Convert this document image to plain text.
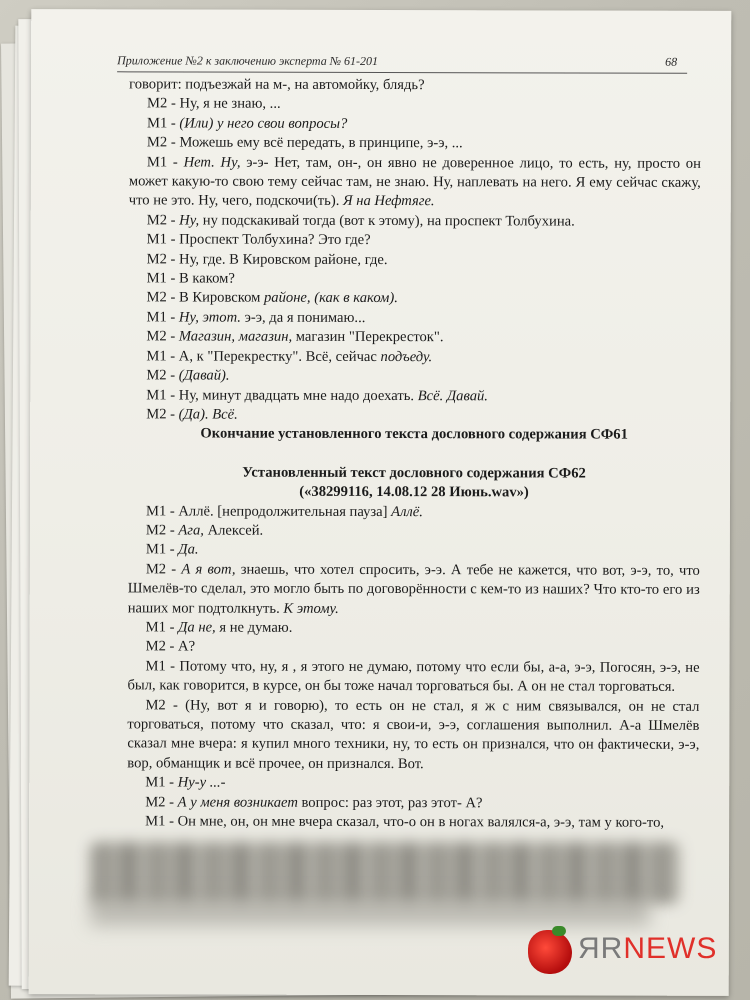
Приложение №2 к заключению эксперта № 61-201	68

говорит: подъезжай на м-, на автомойку, блядь?

М2 - Ну, я не знаю, ...

М1 - (Или) у него свои вопросы?

М2 - Можешь ему всё передать, в принципе, э-э, ...

М1 - Нет. Ну, э-э- Нет, там, он-, он явно не доверенное лицо, то есть, ну, просто он может какую-то свою тему сейчас там, не знаю. Ну, наплевать на него. Я ему сейчас скажу, что не это. Ну, чего, подскочи(ть). Я на Нефтяге.

М2 - Ну, ну подскакивай тогда (вот к этому), на проспект Толбухина.

М1 - Проспект Толбухина? Это где?

М2 - Ну, где. В Кировском районе, где.

М1 - В каком?

М2 - В Кировском районе, (как в каком).

М1 - Ну, этот. э-э, да я понимаю...

М2 - Магазин, магазин, магазин "Перекресток".

М1 - А, к "Перекрестку". Всё, сейчас подъеду.

М2 - (Давай).

М1 - Ну, минут двадцать мне надо доехать. Всё. Давай.

М2 - (Да). Всё.

Окончание установленного текста дословного содержания СФ61

Установленный текст дословного содержания СФ62

(«38299116, 14.08.12 28 Июнь.wav»)

М1 - Аллё. [непродолжительная пауза] Аллё.

М2 - Ага, Алексей.

М1 - Да.

М2 - А я вот, знаешь, что хотел спросить, э-э. А тебе не кажется, что вот, э-э, то, что Шмелёв-то сделал, это могло быть по договорённости с кем-то из наших? Что кто-то его из наших мог подтолкнуть. К этому.

М1 - Да не, я не думаю.

М2 - А?

М1 - Потому что, ну, я , я этого не думаю, потому что если бы, а-а, э-э, Погосян, э-э, не был, как говорится, в курсе, он бы тоже начал торговаться бы. А он не стал торговаться.

М2 - (Ну, вот я и говорю), то есть он не стал, я ж с ним связывался, он не стал торговаться, потому что сказал, что: я свои-и, э-э, соглашения выполнил. А-а Шмелёв сказал мне вчера: я купил много техники, ну, то есть он признался, что он фактически, э-э, вор, обманщик и всё прочее, он признался. Вот.

М1 - Ну-у ...-

М2 - А у меня возникает вопрос: раз этот, раз этот- А?

М1 - Он мне, он, он мне вчера сказал, что-о он в ногах валялся-а, э-э, там у кого-то,

ЯRNEWS
